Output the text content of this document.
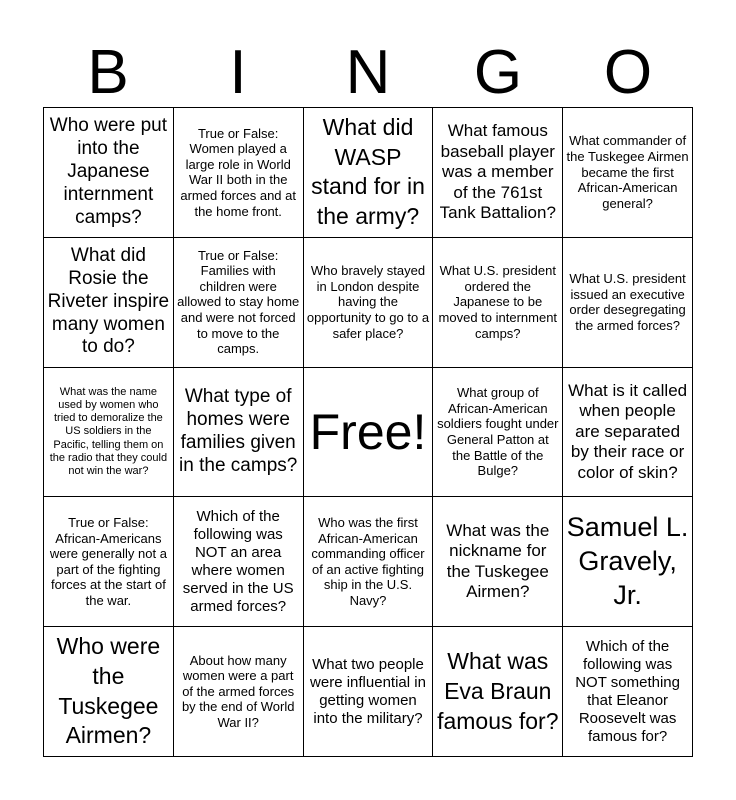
B	I	N	G	O
Who were put into the Japanese internment camps?
True or False: Women played a large role in World War II both in the armed forces and at the home front.
What did WASP stand for in the army?
What famous baseball player was a member of the 761st Tank Battalion?
What commander of the Tuskegee Airmen became the first African-American general?
What did Rosie the Riveter inspire many women to do?
True or False: Families with children were allowed to stay home and were not forced to move to the camps.
Who bravely stayed in London despite having the opportunity to go to a safer place?
What U.S. president ordered the Japanese to be moved to internment camps?
What U.S. president issued an executive order desegregating the armed forces?
What was the name used by women who tried to demoralize the US soldiers in the Pacific, telling them on the radio that they could not win the war?
What type of homes were families given in the camps?
Free!
What group of African-American soldiers fought under General Patton at the Battle of the Bulge?
What is it called when people are separated by their race or color of skin?
True or False: African-Americans were generally not a part of the fighting forces at the start of the war.
Which of the following was NOT an area where women served in the US armed forces?
Who was the first African-American commanding officer of an active fighting ship in the U.S. Navy?
What was the nickname for the Tuskegee Airmen?
Samuel L. Gravely, Jr.
Who were the Tuskegee Airmen?
About how many women were a part of the armed forces by the end of World War II?
What two people were influential in getting women into the military?
What was Eva Braun famous for?
Which of the following was NOT something that Eleanor Roosevelt was famous for?
